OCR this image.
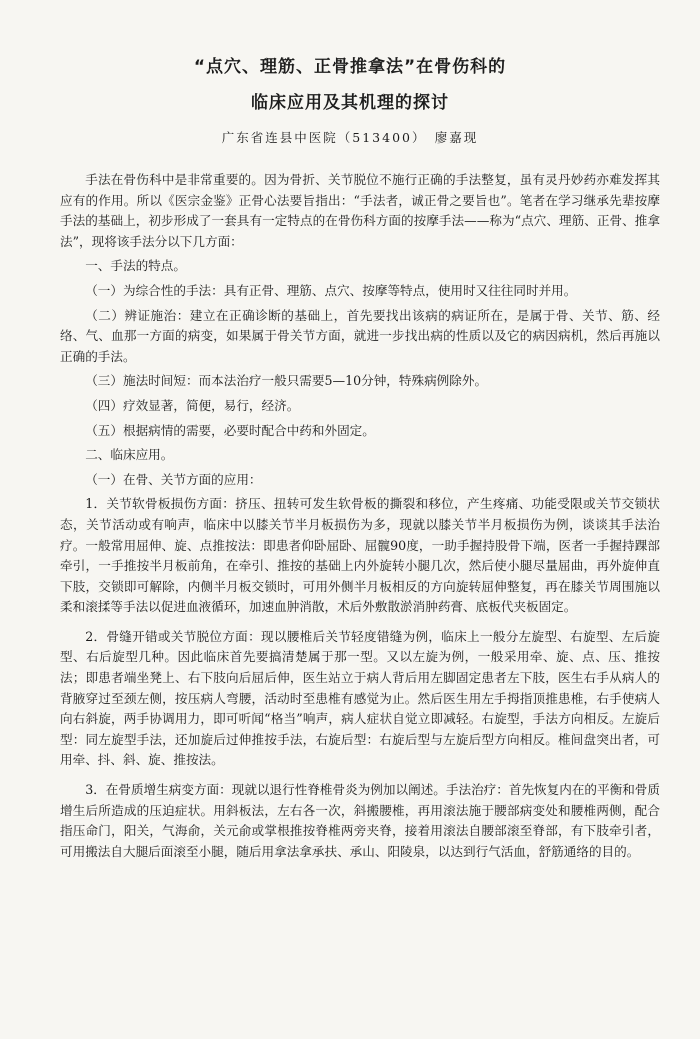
“点穴、理筋、正骨推拿法”在骨伤科的
临床应用及其机理的探讨
广东省连县中医院（513400）　廖嘉现

手法在骨伤科中是非常重要的。因为骨折、关节脱位不施行正确的手法整复，虽有灵丹妙药亦难发挥其应有的作用。所以《医宗金鉴》正骨心法要旨指出：“手法者，诚正骨之要旨也”。笔者在学习继承先辈按摩手法的基础上，初步形成了一套具有一定特点的在骨伤科方面的按摩手法——称为“点穴、理筋、正骨、推拿法”，现将该手法分以下几方面：

一、手法的特点。

（一）为综合性的手法：具有正骨、理筋、点穴、按摩等特点，使用时又往往同时并用。

（二）辨证施治：建立在正确诊断的基础上，首先要找出该病的病证所在，是属于骨、关节、筋、经络、气、血那一方面的病变，如果属于骨关节方面，就进一步找出病的性质以及它的病因病机，然后再施以正确的手法。

（三）施法时间短：而本法治疗一般只需要5—10分钟，特殊病例除外。

（四）疗效显著，简便，易行，经济。

（五）根据病情的需要，必要时配合中药和外固定。

二、临床应用。

（一）在骨、关节方面的应用：

1．关节软骨板损伤方面：挤压、扭转可发生软骨板的撕裂和移位，产生疼痛、功能受限或关节交锁状态，关节活动或有响声，临床中以膝关节半月板损伤为多，现就以膝关节半月板损伤为例，谈谈其手法治疗。一般常用屈伸、旋、点推按法：即患者仰卧屈卧、屈髋90度，一助手握持股骨下端，医者一手握持踝部牵引，一手推按半月板前角，在牵引、推按的基础上内外旋转小腿几次，然后使小腿尽量屈曲，再外旋伸直下肢，交锁即可解除，内侧半月板交锁时，可用外侧半月板相反的方向旋转屈伸整复，再在膝关节周围施以柔和滚揉等手法以促进血液循环，加速血肿消散，术后外敷散淤消肿药膏、底板代夹板固定。

2．骨缝开错或关节脱位方面：现以腰椎后关节轻度错缝为例，临床上一般分左旋型、右旋型、左后旋型、右后旋型几种。因此临床首先要搞清楚属于那一型。又以左旋为例，一般采用牵、旋、点、压、推按法；即患者端坐凳上、右下肢向后屈后伸，医生站立于病人背后用左脚固定患者左下肢，医生右手从病人的背腋穿过至颈左侧，按压病人弯腰，活动时至患椎有感觉为止。然后医生用左手拇指顶推患椎，右手使病人向右斜旋，两手协调用力，即可听闻“格当”响声，病人症状自觉立即减轻。右旋型，手法方向相反。左旋后型：同左旋型手法，还加旋后过伸推按手法，右旋后型：右旋后型与左旋后型方向相反。椎间盘突出者，可用牵、抖、斜、旋、推按法。

3．在骨质增生病变方面：现就以退行性脊椎骨炎为例加以阐述。手法治疗：首先恢复内在的平衡和骨质增生后所造成的压迫症状。用斜板法，左右各一次，斜搬腰椎，再用滚法施于腰部病变处和腰椎两侧，配合指压命门，阳关，气海俞，关元俞或掌根推按脊椎两旁夹脊，接着用滚法自腰部滚至脊部，有下肢牵引者，可用搬法自大腿后面滚至小腿，随后用拿法拿承扶、承山、阳陵泉，以达到行气活血，舒筋通络的目的。
